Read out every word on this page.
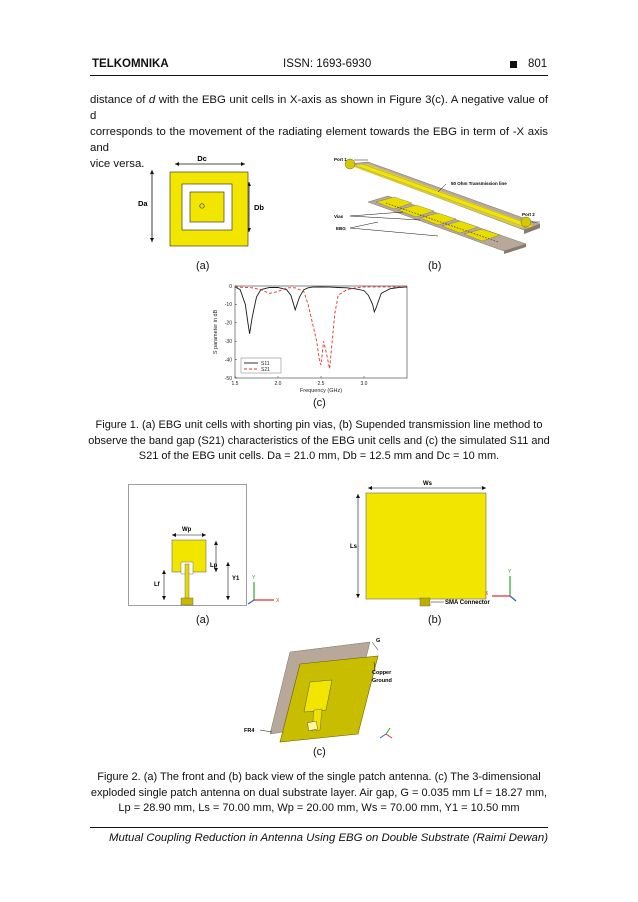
TELKOMNIKA	ISSN: 1693-6930	801
distance of d with the EBG unit cells in X-axis as shown in Figure 3(c). A negative value of d
corresponds to the movement of the radiating element towards the EBG in term of -X axis and
vice versa.	Dc
Da	Db
(a)
Port 1
50 Ohm Transmission line
Vias
EBG
Port 2
(b)
1.5	2.0	2.5	3.0
0
-10
-20
-30
-40
-50
Frequency (GHz)
S parameter in dB
S11
S21
(c)
Figure 1. (a) EBG unit cells with shorting pin vias, (b) Supended transmission line method to
observe the band gap (S21) characteristics of the EBG unit cells and (c) the simulated S11 and
S21 of the EBG unit cells. Da = 21.0 mm, Db = 12.5 mm and Dc = 10 mm.
Wp
Lp
Y1
Lf
Y
X
(a)
Ws
Ls
SMA Connector
Y
X
(b)
G
Copper
Ground
FR4
(c)
Figure 2. (a) The front and (b) back view of the single patch antenna. (c) The 3-dimensional
exploded single patch antenna on dual substrate layer. Air gap, G = 0.035 mm Lf = 18.27 mm,
Lp = 28.90 mm, Ls = 70.00 mm, Wp = 20.00 mm, Ws = 70.00 mm, Y1 = 10.50 mm
Mutual Coupling Reduction in Antenna Using EBG on Double Substrate (Raimi Dewan)
